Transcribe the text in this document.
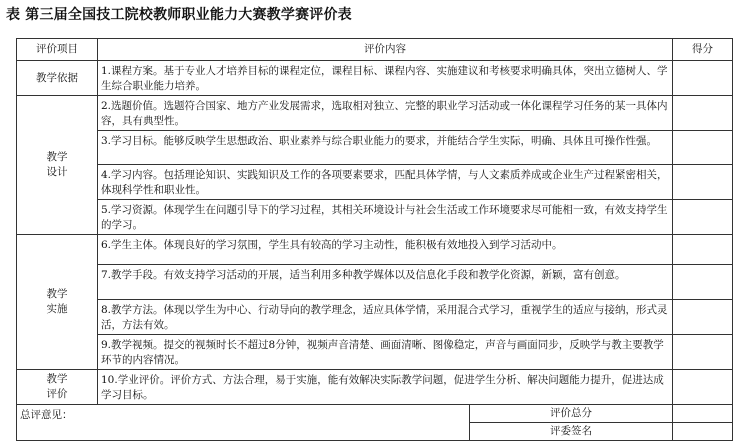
表 第三届全国技工院校教师职业能力大赛教学赛评价表
评价项目	评价内容		得分
教学依据	1.课程方案。基于专业人才培养目标的课程定位，课程目标、课程内容、实施建议和考核要求明确具体，突出立德树人、学生综合职业能力培养。		

教学设计	2.选题价值。选题符合国家、地方产业发展需求，选取相对独立、完整的职业学习活动或一体化课程学习任务的某一具体内容，具有典型性。		
	3.学习目标。能够反映学生思想政治、职业素养与综合职业能力的要求，并能结合学生实际，明确、具体且可操作性强。		
	4.学习内容。包括理论知识、实践知识及工作的各项要素要求，匹配具体学情，与人文素质养成或企业生产过程紧密相关，体现科学性和职业性。		
	5.学习资源。体现学生在问题引导下的学习过程，其相关环境设计与社会生活或工作环境要求尽可能相一致，有效支持学生的学习。		

教学实施	6.学生主体。体现良好的学习氛围，学生具有较高的学习主动性，能积极有效地投入到学习活动中。		
	7.教学手段。有效支持学习活动的开展，适当利用多种教学媒体以及信息化手段和教学化资源，新颖，富有创意。		
	8.教学方法。体现以学生为中心、行动导向的教学理念，适应具体学情，采用混合式学习，重视学生的适应与接纳，形式灵活，方法有效。		
	9.教学视频。提交的视频时长不超过8分钟，视频声音清楚、画面清晰、图像稳定，声音与画面同步，反映学与教主要教学环节的内容情况。		

教学评价	10.学业评价。评价方式、方法合理，易于实施，能有效解决实际教学问题，促进学生分析、解决问题能力提升，促进达成学习目标。		
总评意见：		评价总分	
		评委签名	
